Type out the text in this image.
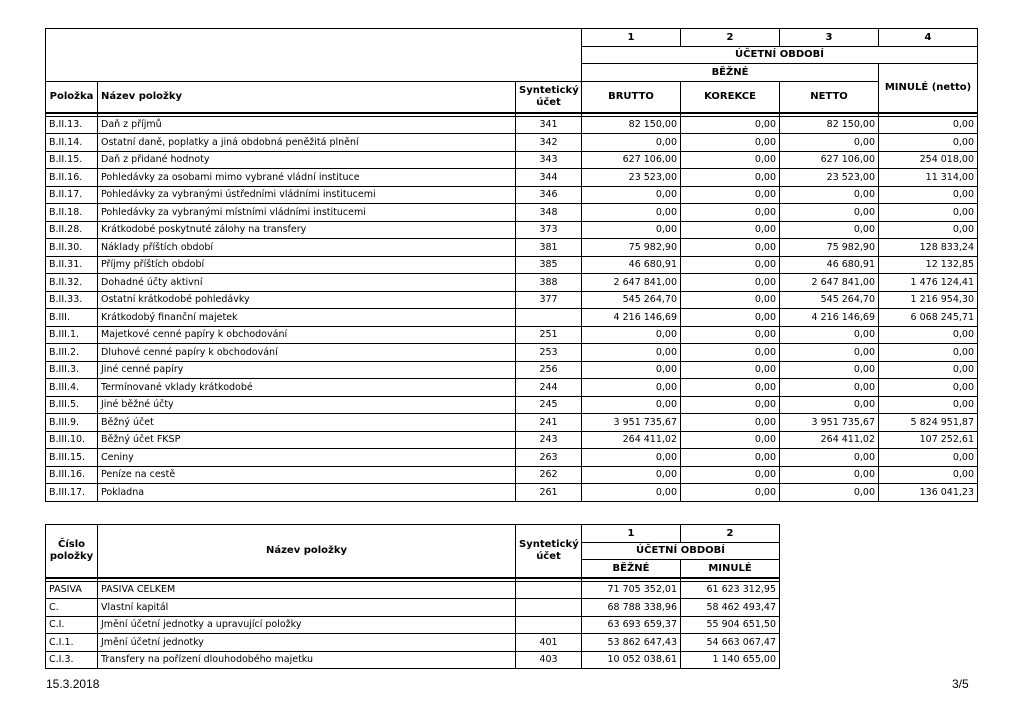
			1	2	3	4
			ÚČETNÍ OBDOBÍ			
			BĚŽNÉ			MINULÉ (netto)
Položka	Název položky	Syntetický účet	BRUTTO	KOREKCE	NETTO	

B.II.13.	Daň z příjmů	341	82 150,00	0,00	82 150,00	0,00
B.II.14.	Ostatní daně, poplatky a jiná obdobná peněžitá plnění	342	0,00	0,00	0,00	0,00
B.II.15.	Daň z přidané hodnoty	343	627 106,00	0,00	627 106,00	254 018,00
B.II.16.	Pohledávky za osobami mimo vybrané vládní instituce	344	23 523,00	0,00	23 523,00	11 314,00
B.II.17.	Pohledávky za vybranými ústředními vládními institucemi	346	0,00	0,00	0,00	0,00
B.II.18.	Pohledávky za vybranými místními vládními institucemi	348	0,00	0,00	0,00	0,00
B.II.28.	Krátkodobé poskytnuté zálohy na transfery	373	0,00	0,00	0,00	0,00
B.II.30.	Náklady příštích období	381	75 982,90	0,00	75 982,90	128 833,24
B.II.31.	Příjmy příštích období	385	46 680,91	0,00	46 680,91	12 132,85
B.II.32.	Dohadné účty aktivní	388	2 647 841,00	0,00	2 647 841,00	1 476 124,41
B.II.33.	Ostatní krátkodobé pohledávky	377	545 264,70	0,00	545 264,70	1 216 954,30
B.III.	Krátkodobý finanční majetek		4 216 146,69	0,00	4 216 146,69	6 068 245,71
B.III.1.	Majetkové cenné papíry k obchodování	251	0,00	0,00	0,00	0,00
B.III.2.	Dluhové cenné papíry k obchodování	253	0,00	0,00	0,00	0,00
B.III.3.	Jiné cenné papíry	256	0,00	0,00	0,00	0,00
B.III.4.	Termínované vklady krátkodobé	244	0,00	0,00	0,00	0,00
B.III.5.	Jiné běžné účty	245	0,00	0,00	0,00	0,00
B.III.9.	Běžný účet	241	3 951 735,67	0,00	3 951 735,67	5 824 951,87
B.III.10.	Běžný účet FKSP	243	264 411,02	0,00	264 411,02	107 252,61
B.III.15.	Ceniny	263	0,00	0,00	0,00	0,00
B.III.16.	Peníze na cestě	262	0,00	0,00	0,00	0,00
B.III.17.	Pokladna	261	0,00	0,00	0,00	136 041,23
Číslo položky	Název položky	Syntetický účet	1	2
			ÚČETNÍ OBDOBÍ	
			BĚŽNÉ	MINULÉ

PASIVA	PASIVA CELKEM		71 705 352,01	61 623 312,95
C.	Vlastní kapitál		68 788 338,96	58 462 493,47
C.I.	Jmění účetní jednotky a upravující položky		63 693 659,37	55 904 651,50
C.I.1.	Jmění účetní jednotky	401	53 862 647,43	54 663 067,47
C.I.3.	Transfery na pořízení dlouhodobého majetku	403	10 052 038,61	1 140 655,00
15.3.2018	3/5
